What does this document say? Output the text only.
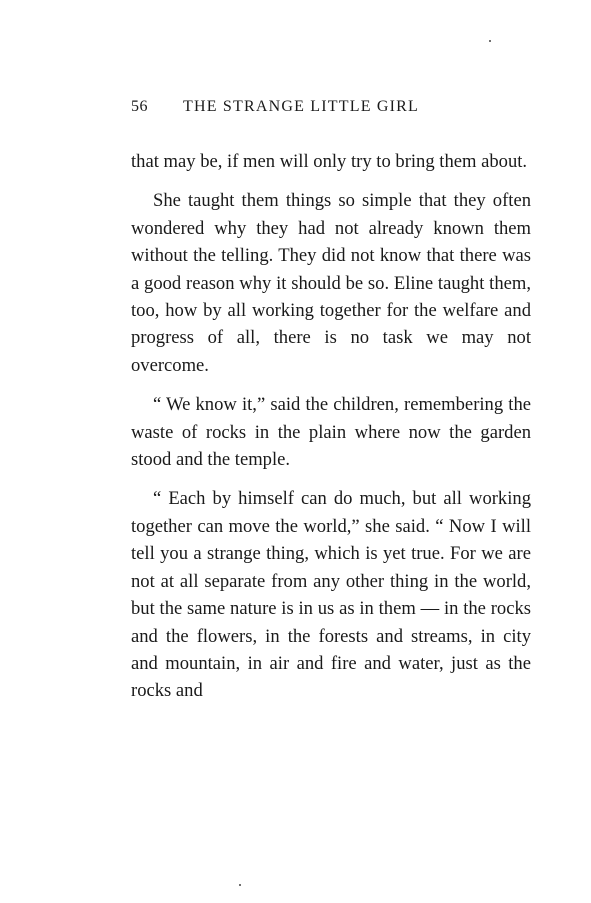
56	THE STRANGE LITTLE GIRL

that may be, if men will only try to bring them about.

She taught them things so simple that they often wondered why they had not already known them without the telling. They did not know that there was a good reason why it should be so. Eline taught them, too, how by all working together for the welfare and progress of all, there is no task we may not overcome.

“ We know it,” said the children, remembering the waste of rocks in the plain where now the garden stood and the temple.

“ Each by himself can do much, but all working together can move the world,” she said. “ Now I will tell you a strange thing, which is yet true. For we are not at all separate from any other thing in the world, but the same nature is in us as in them — in the rocks and the flowers, in the forests and streams, in city and mountain, in air and fire and water, just as the rocks and
